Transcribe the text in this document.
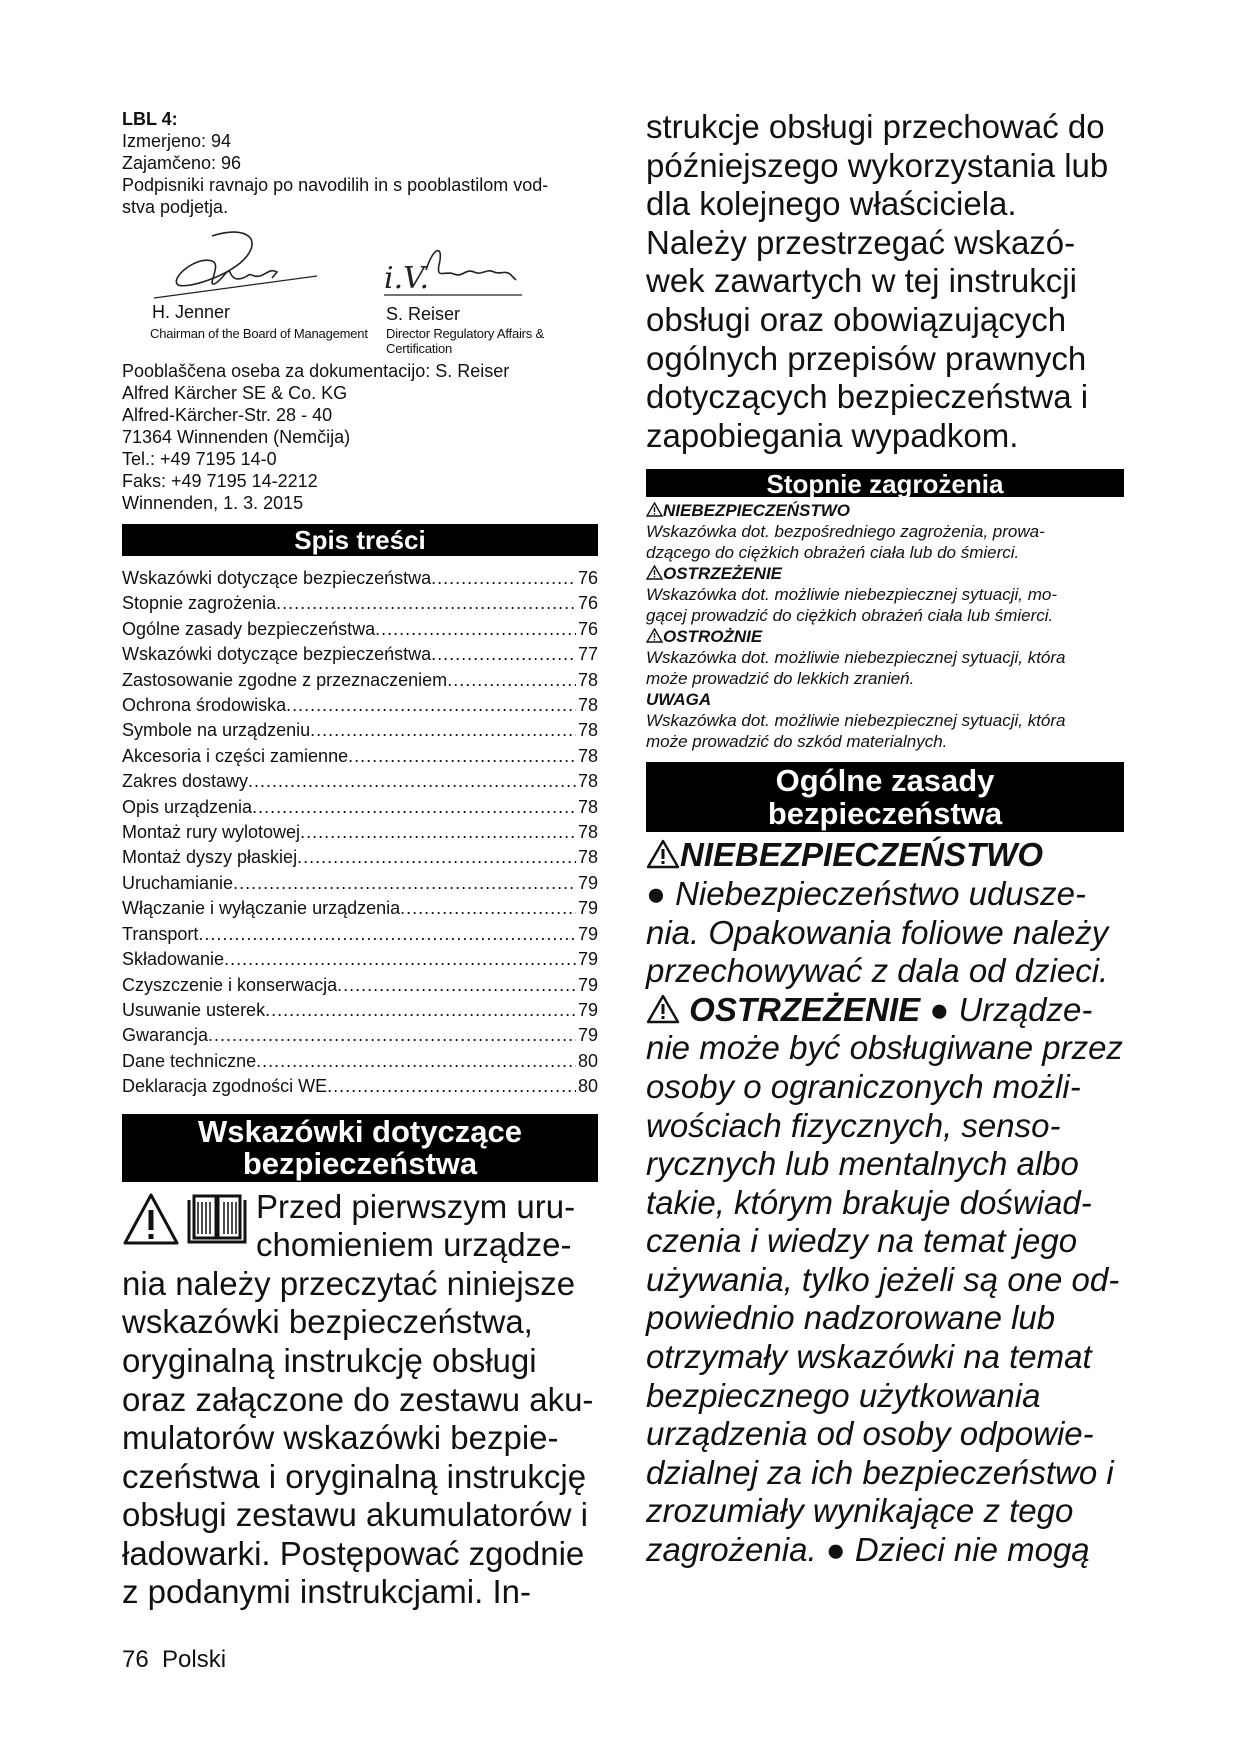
LBL 4:
Izmerjeno: 94
Zajamčeno: 96
Podpisniki ravnajo po navodilih in s pooblastilom vod-
stva podjetja.
H. Jenner
Chairman of the Board of Management
i.V.
S. Reiser
Director Regulatory Affairs & Certification
Pooblaščena oseba za dokumentacijo: S. Reiser
Alfred Kärcher SE & Co. KG
Alfred-Kärcher-Str. 28 - 40
71364 Winnenden (Nemčija)
Tel.: +49 7195 14-0
Faks: +49 7195 14-2212
Winnenden, 1. 3. 2015
Spis treści
Wskazówki dotyczące bezpieczeństwa .....	76
Stopnie zagrożenia .....	76
Ogólne zasady bezpieczeństwa .....	76
Wskazówki dotyczące bezpieczeństwa .....	77
Zastosowanie zgodne z przeznaczeniem .....	78
Ochrona środowiska .....	78
Symbole na urządzeniu .....	78
Akcesoria i części zamienne .....	78
Zakres dostawy .....	78
Opis urządzenia .....	78
Montaż rury wylotowej .....	78
Montaż dyszy płaskiej .....	78
Uruchamianie .....	79
Włączanie i wyłączanie urządzenia .....	79
Transport .....	79
Składowanie .....	79
Czyszczenie i konserwacja .....	79
Usuwanie usterek .....	79
Gwarancja .....	79
Dane techniczne .....	80
Deklaracja zgodności WE .....	80
Wskazówki dotyczące
bezpieczeństwa
Przed pierwszym uru-
chomieniem urządze-
nia należy przeczytać niniejsze
wskazówki bezpieczeństwa,
oryginalną instrukcję obsługi
oraz załączone do zestawu aku-
mulatorów wskazówki bezpie-
czeństwa i oryginalną instrukcję
obsługi zestawu akumulatorów i
ładowarki. Postępować zgodnie
z podanymi instrukcjami. In-
strukcje obsługi przechować do
późniejszego wykorzystania lub
dla kolejnego właściciela.
Należy przestrzegać wskazó-
wek zawartych w tej instrukcji
obsługi oraz obowiązujących
ogólnych przepisów prawnych
dotyczących bezpieczeństwa i
zapobiegania wypadkom.
Stopnie zagrożenia
NIEBEZPIECZEŃSTWO
Wskazówka dot. bezpośredniego zagrożenia, prowa-
dzącego do ciężkich obrażeń ciała lub do śmierci.
OSTRZEŻENIE
Wskazówka dot. możliwie niebezpiecznej sytuacji, mo-
gącej prowadzić do ciężkich obrażeń ciała lub śmierci.
OSTROŻNIE
Wskazówka dot. możliwie niebezpiecznej sytuacji, która
może prowadzić do lekkich zranień.
UWAGA
Wskazówka dot. możliwie niebezpiecznej sytuacji, która
może prowadzić do szkód materialnych.
Ogólne zasady
bezpieczeństwa
NIEBEZPIECZEŃSTWO
● Niebezpieczeństwo udusze-
nia. Opakowania foliowe należy
przechowywać z dala od dzieci.
OSTRZEŻENIE ● Urządze-
nie może być obsługiwane przez
osoby o ograniczonych możli-
wościach fizycznych, senso-
rycznych lub mentalnych albo
takie, którym brakuje doświad-
czenia i wiedzy na temat jego
używania, tylko jeżeli są one od-
powiednio nadzorowane lub
otrzymały wskazówki na temat
bezpiecznego użytkowania
urządzenia od osoby odpowie-
dzialnej za ich bezpieczeństwo i
zrozumiały wynikające z tego
zagrożenia. ● Dzieci nie mogą
76 Polski
